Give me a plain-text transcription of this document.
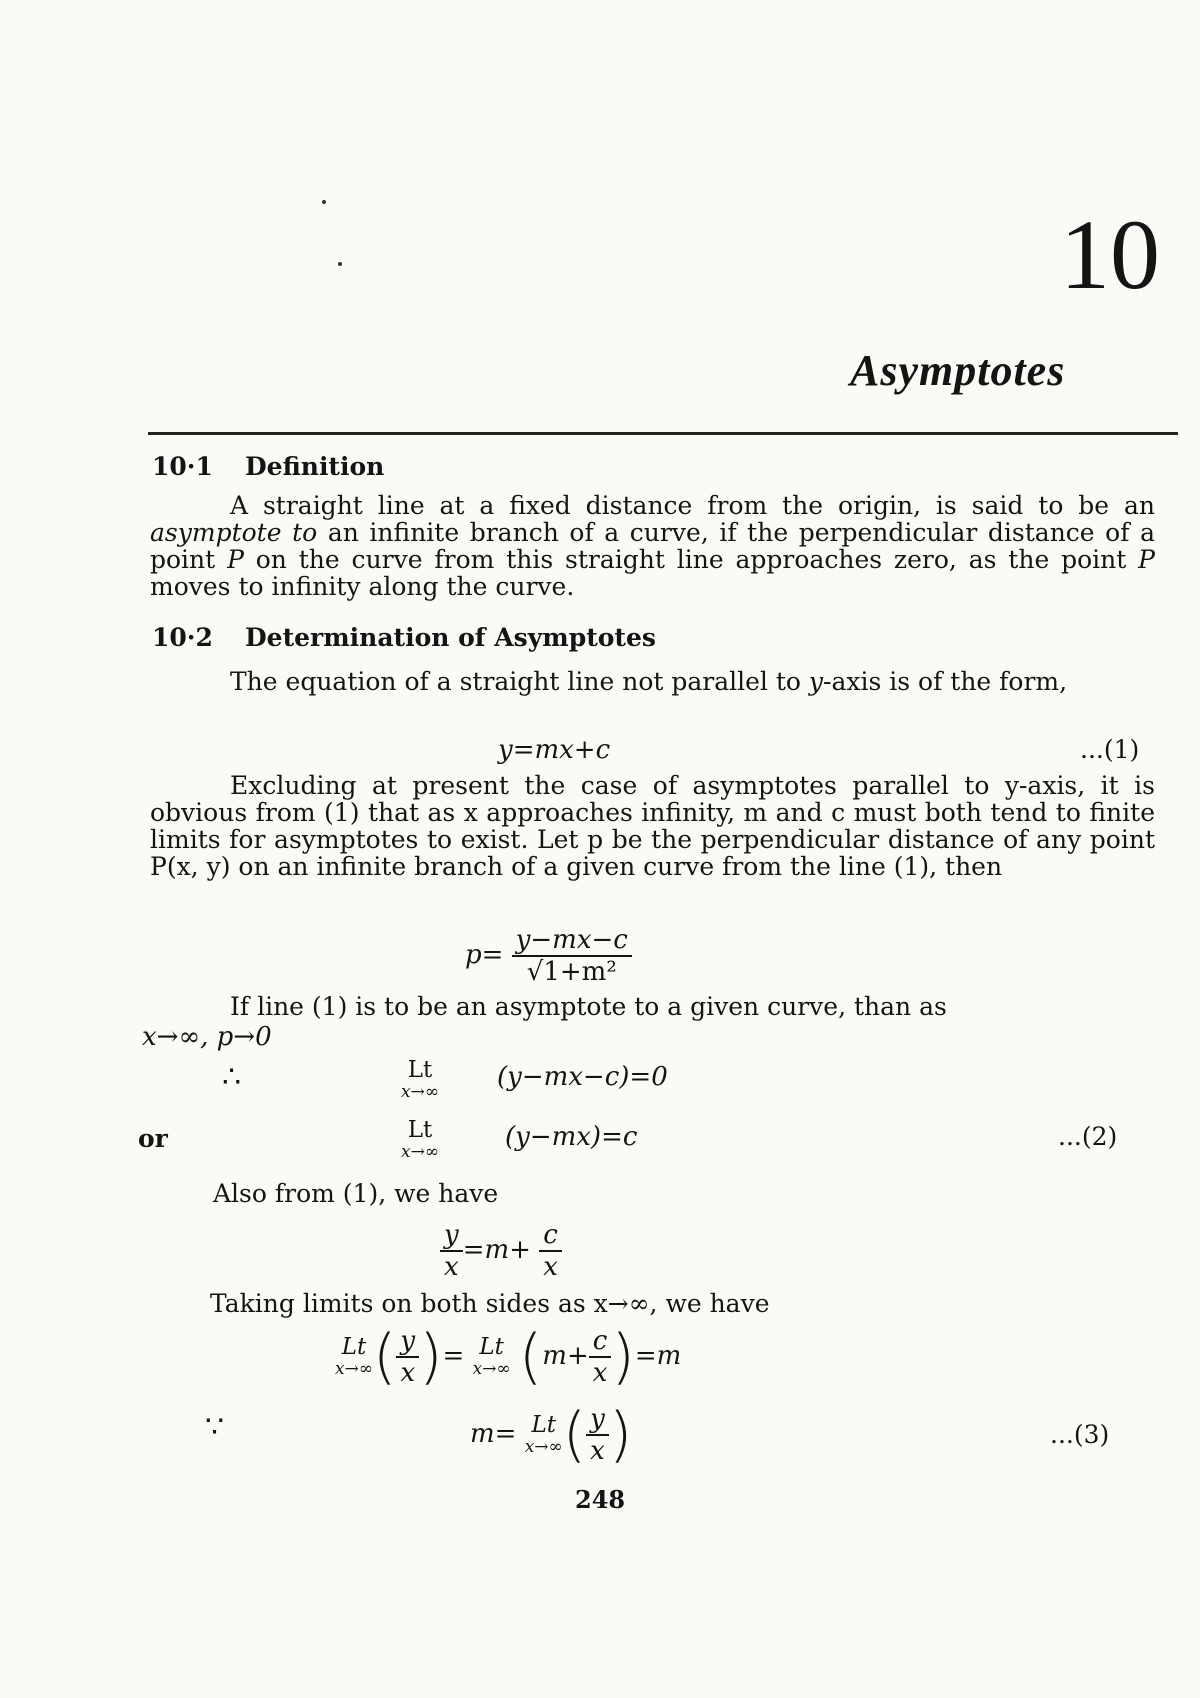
10
Asymptotes
10·1 Definition
A straight line at a fixed distance from the origin, is said to be an asymptote to an infinite branch of a curve, if the perpendicular distance of a point P on the curve from this straight line approaches zero, as the point P moves to infinity along the curve.
10·2 Determination of Asymptotes
The equation of a straight line not parallel to y-axis is of the form,
y=mx+c	...(1)
Excluding at present the case of asymptotes parallel to y-axis, it is obvious from (1) that as x approaches infinity, m and c must both tend to finite limits for asymptotes to exist. Let p be the perpendicular distance of any point P(x, y) on an infinite branch of a given curve from the line (1), then
$p= \frac{y-mx-c}{\text{√1+m²}}$
If line (1) is to be an asymptote to a given curve, than as
x→∞, p→0
∴	Lt
x→∞
(y−mx−c)=0
or	Lt
x→∞
(y−mx)=c	...(2)
Also from (1), we have
$\frac{y}{x} =m+ \frac{c}{x}$
Taking limits on both sides as x→∞, we have
Lt
x→∞ ( $\frac{y}{x}$ )= Lt
x→∞ $(m+ \frac{c}{x} )=m$
∵	m= Lt
x→∞ ( $\frac{y}{x}$ )	...(3)
248
